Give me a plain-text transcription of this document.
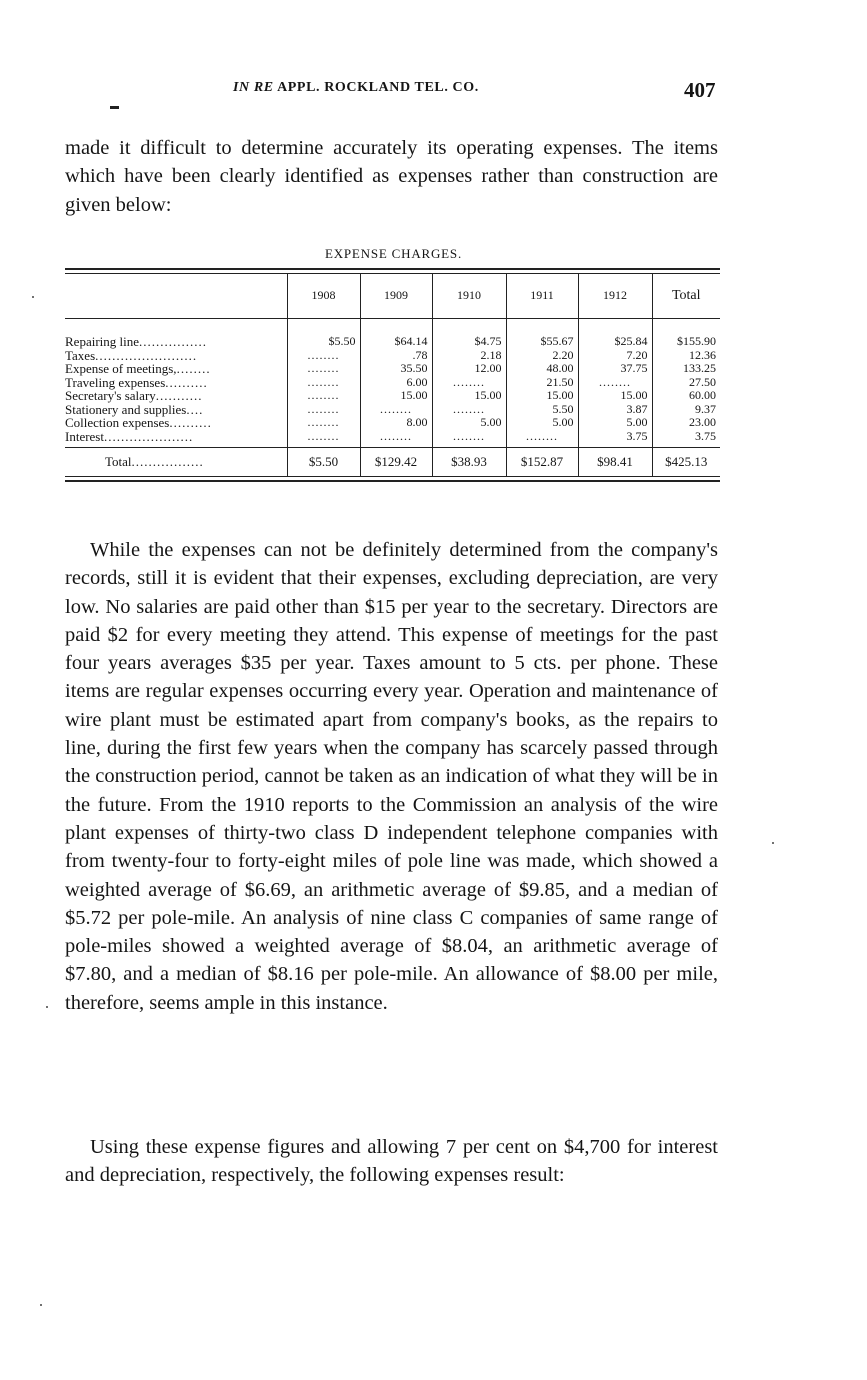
IN RE APPL. ROCKLAND TEL. CO.	407

made it difficult to determine accurately its operating expenses. The items which have been clearly identified as expenses rather than construction are given below:

EXPENSE CHARGES.
	1908	1909	1910	1911	1912	Total
Repairing line................	$5.50	$64.14	$4.75	$55.67	$25.84	$155.90
Taxes........................	........	.78	2.18	2.20	7.20	12.36
Expense of meetings,........	........	35.50	12.00	48.00	37.75	133.25
Traveling expenses..........	........	6.00	........	21.50	........	27.50
Secretary's salary...........	........	15.00	15.00	15.00	15.00	60.00
Stationery and supplies....	........	........	........	5.50	3.87	9.37
Collection expenses..........	........	8.00	5.00	5.00	5.00	23.00
Interest.....................	........	........	........	........	3.75	3.75
Total.................	$5.50	$129.42	$38.93	$152.87	$98.41	$425.13

While the expenses can not be definitely determined from the company's records, still it is evident that their expenses, excluding depreciation, are very low. No salaries are paid other than $15 per year to the secretary. Directors are paid $2 for every meeting they attend. This expense of meetings for the past four years averages $35 per year. Taxes amount to 5 cts. per phone. These items are regular expenses occurring every year. Operation and maintenance of wire plant must be estimated apart from company's books, as the repairs to line, during the first few years when the company has scarcely passed through the construction period, cannot be taken as an indication of what they will be in the future. From the 1910 reports to the Commission an analysis of the wire plant expenses of thirty-two class D independent telephone companies with from twenty-four to forty-eight miles of pole line was made, which showed a weighted average of $6.69, an arithmetic average of $9.85, and a median of $5.72 per pole-mile. An analysis of nine class C companies of same range of pole-miles showed a weighted average of $8.04, an arithmetic average of $7.80, and a median of $8.16 per pole-mile. An allowance of $8.00 per mile, therefore, seems ample in this instance.

Using these expense figures and allowing 7 per cent on $4,700 for interest and depreciation, respectively, the following expenses result:
